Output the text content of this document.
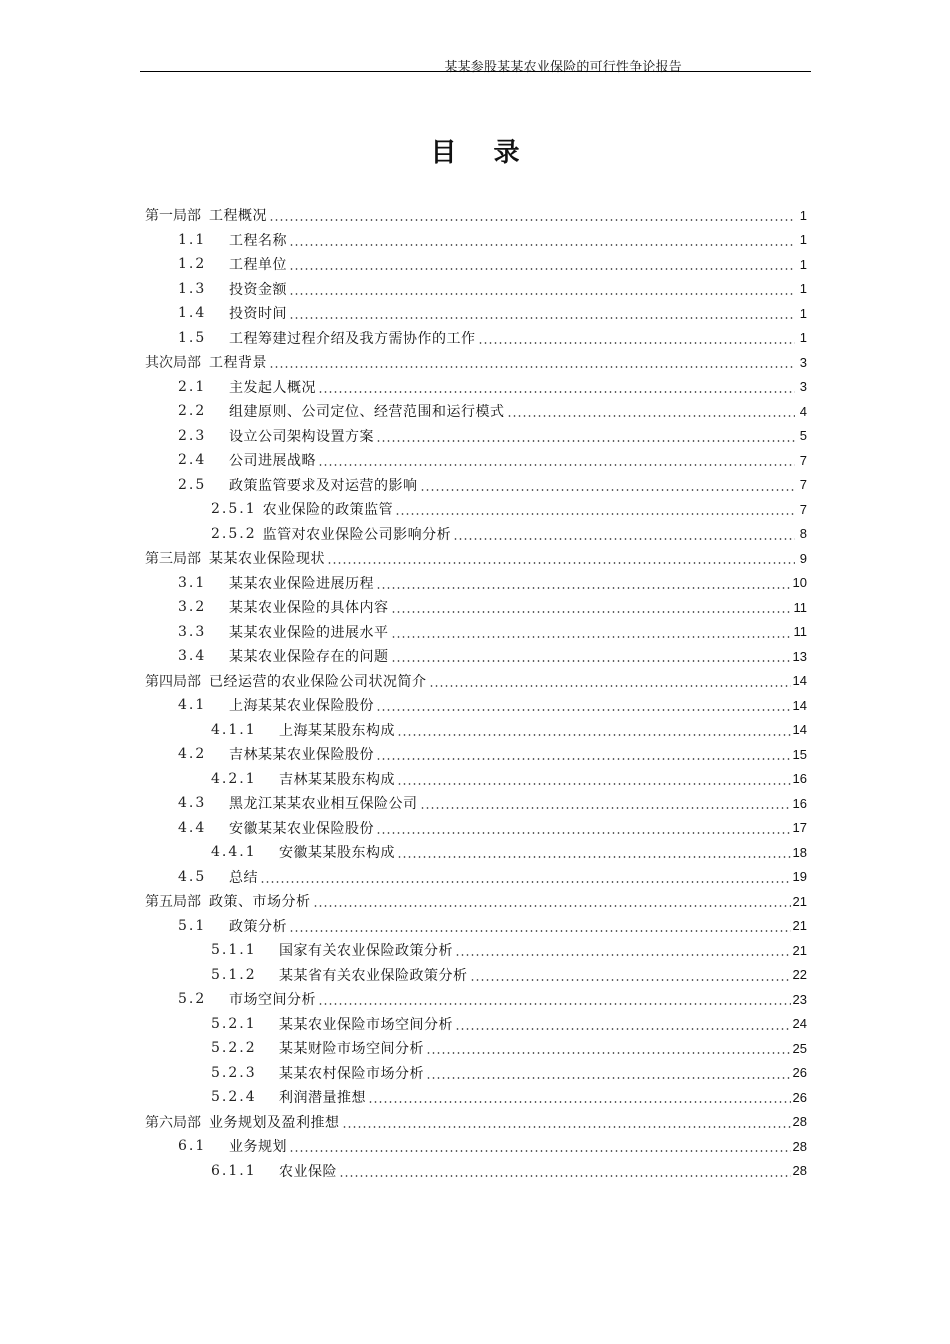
某某参股某某农业保险的可行性争论报告
目 录
第一局部 工程概况	1
1.1	工程名称	1
1.2	工程单位	1
1.3	投资金额	1
1.4	投资时间	1
1.5	工程筹建过程介绍及我方需协作的工作	1
其次局部 工程背景	3
2.1	主发起人概况	3
2.2	组建原则、公司定位、经营范围和运行模式	4
2.3	设立公司架构设置方案	5
2.4	公司进展战略	7
2.5	政策监管要求及对运营的影响	7
2.5.1 农业保险的政策监管	7
2.5.2 监管对农业保险公司影响分析	8
第三局部 某某农业保险现状	9
3.1	某某农业保险进展历程	10
3.2	某某农业保险的具体内容	11
3.3	某某农业保险的进展水平	11
3.4	某某农业保险存在的问题	13
第四局部 已经运营的农业保险公司状况简介	14
4.1	上海某某农业保险股份	14
4.1.1	上海某某股东构成	14
4.2	吉林某某农业保险股份	15
4.2.1	吉林某某股东构成	16
4.3	黑龙江某某农业相互保险公司	16
4.4	安徽某某农业保险股份	17
4.4.1	安徽某某股东构成	18
4.5	总结	19
第五局部 政策、市场分析	21
5.1	政策分析	21
5.1.1	国家有关农业保险政策分析	21
5.1.2	某某省有关农业保险政策分析	22
5.2	市场空间分析	23
5.2.1	某某农业保险市场空间分析	24
5.2.2	某某财险市场空间分析	25
5.2.3	某某农村保险市场分析	26
5.2.4	利润潜量推想	26
第六局部 业务规划及盈利推想	28
6.1	业务规划	28
6.1.1	农业保险	28
